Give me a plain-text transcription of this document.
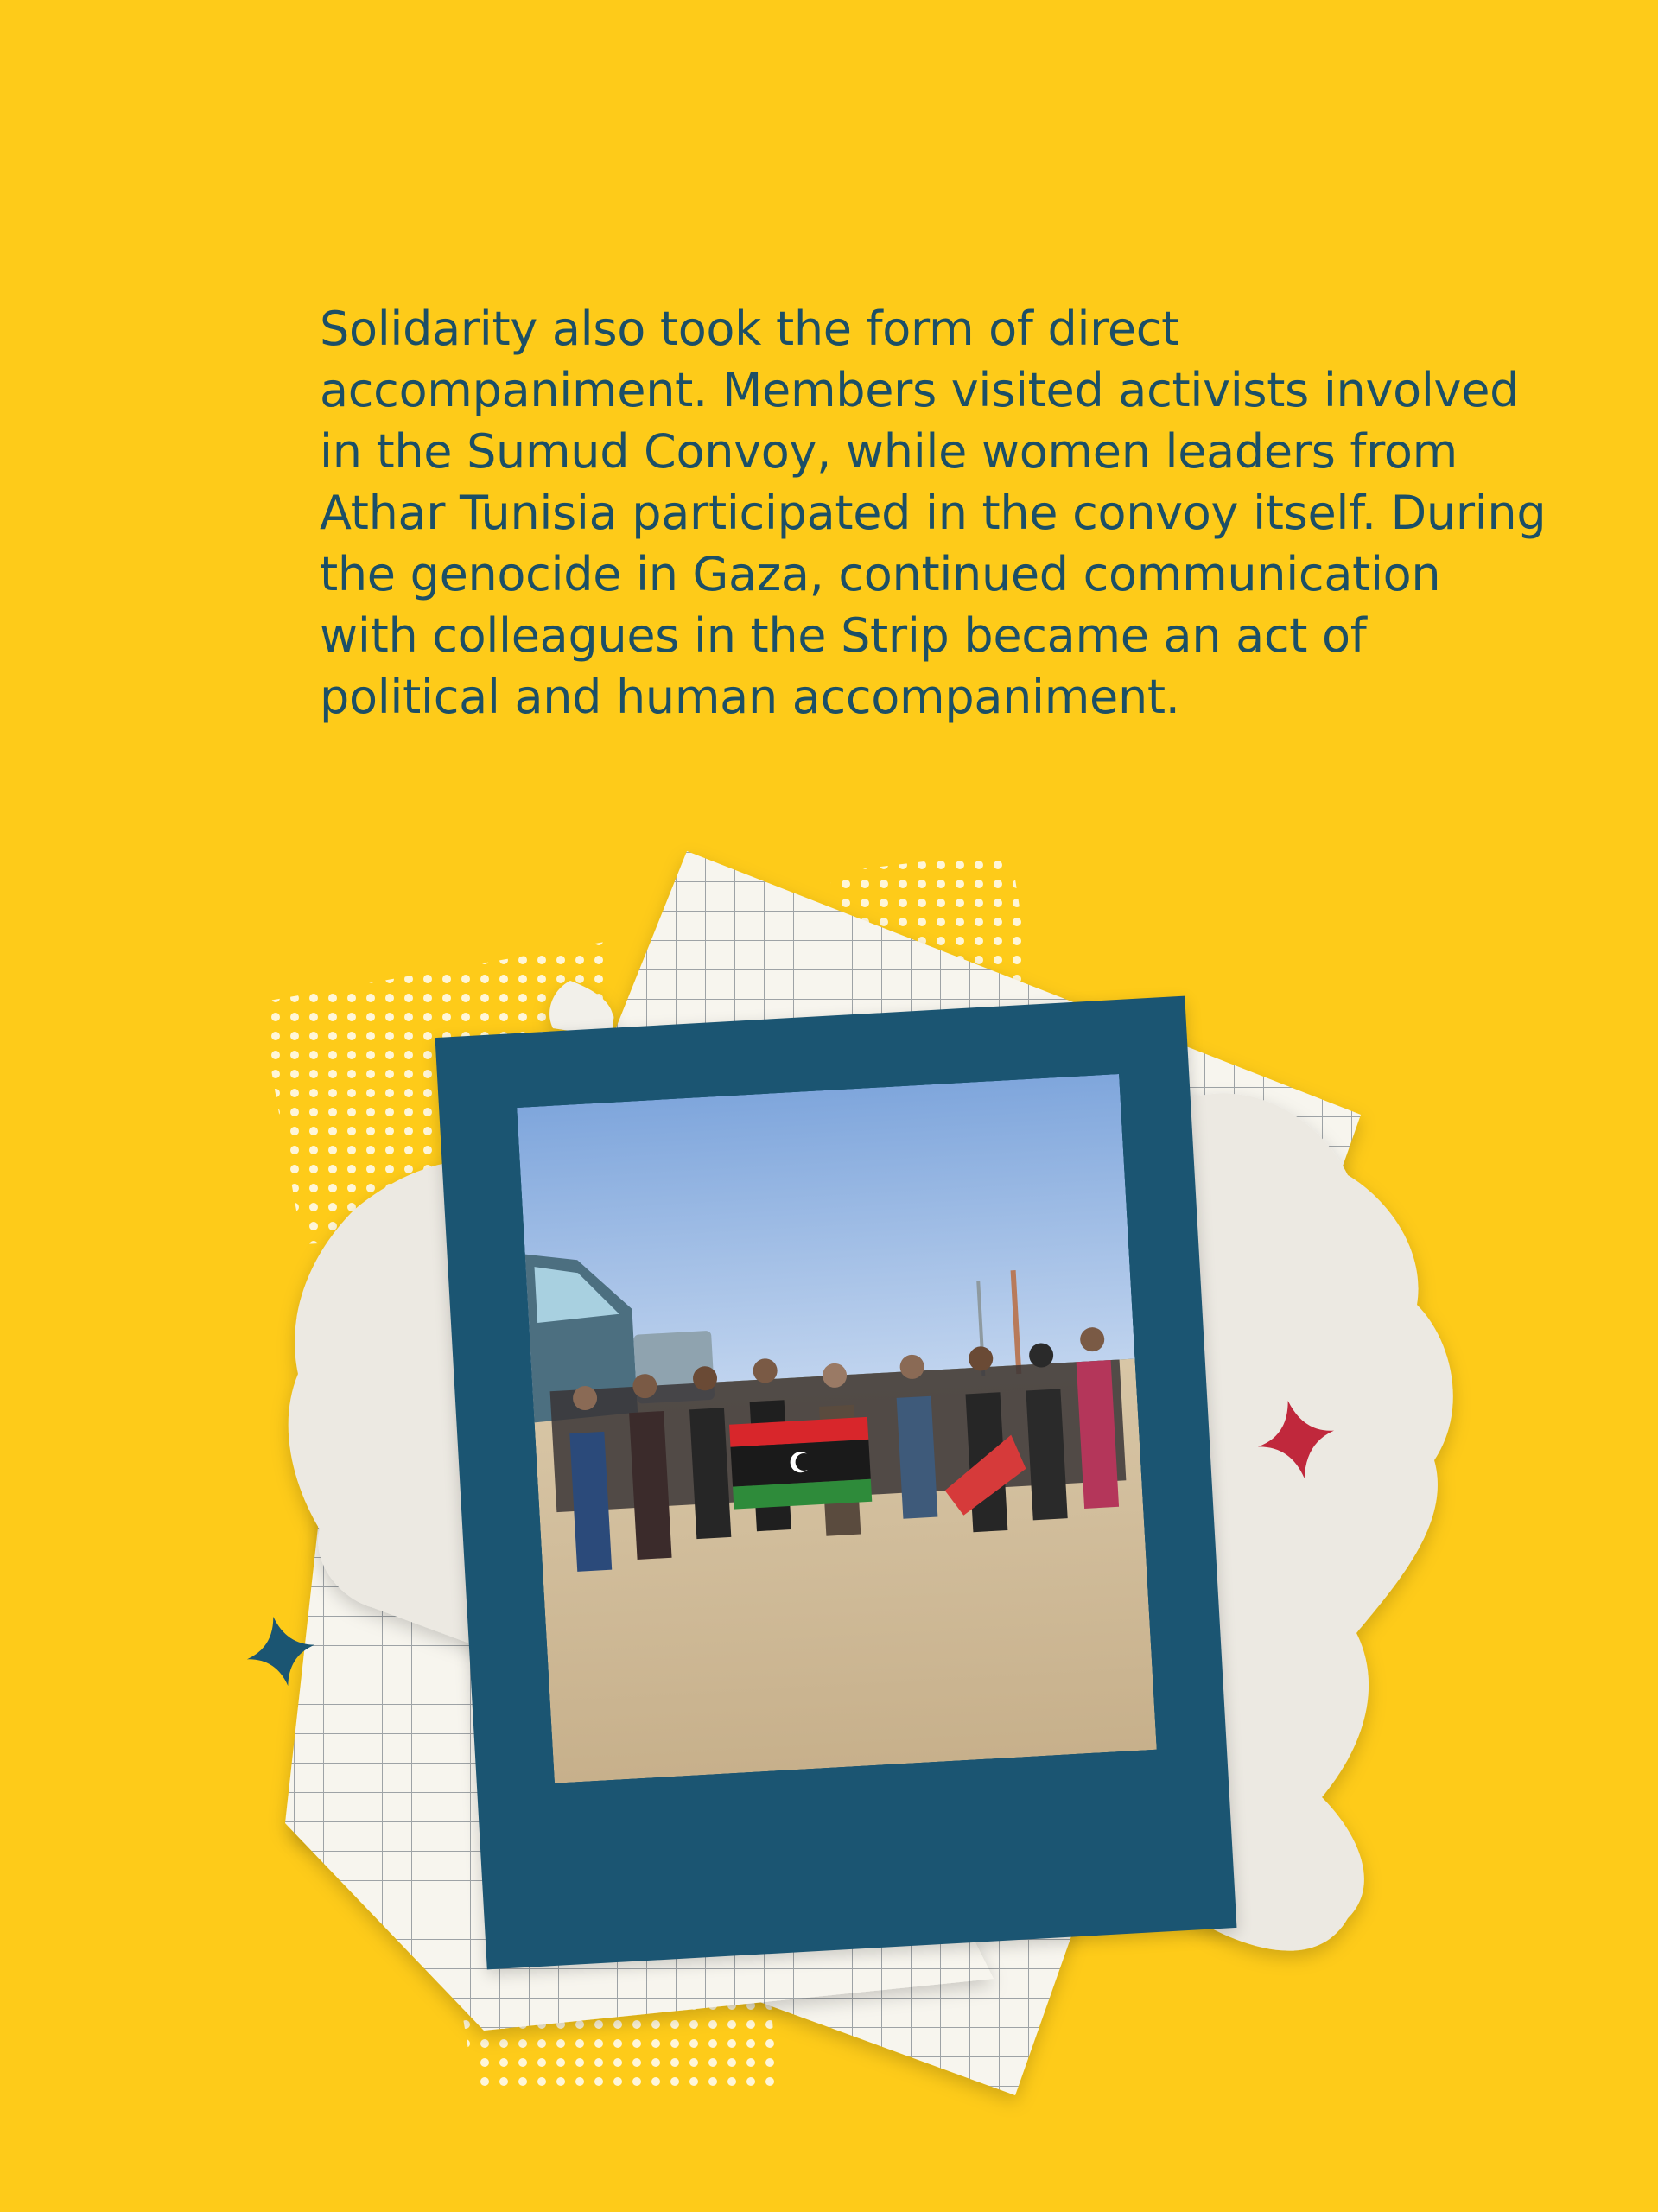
Solidarity also took the form of direct accompaniment. Members visited activists involved in the Sumud Convoy, while women leaders from Athar Tunisia participated in the convoy itself. During the genocide in Gaza, continued communication with colleagues in the Strip became an act of political and human accompaniment.
